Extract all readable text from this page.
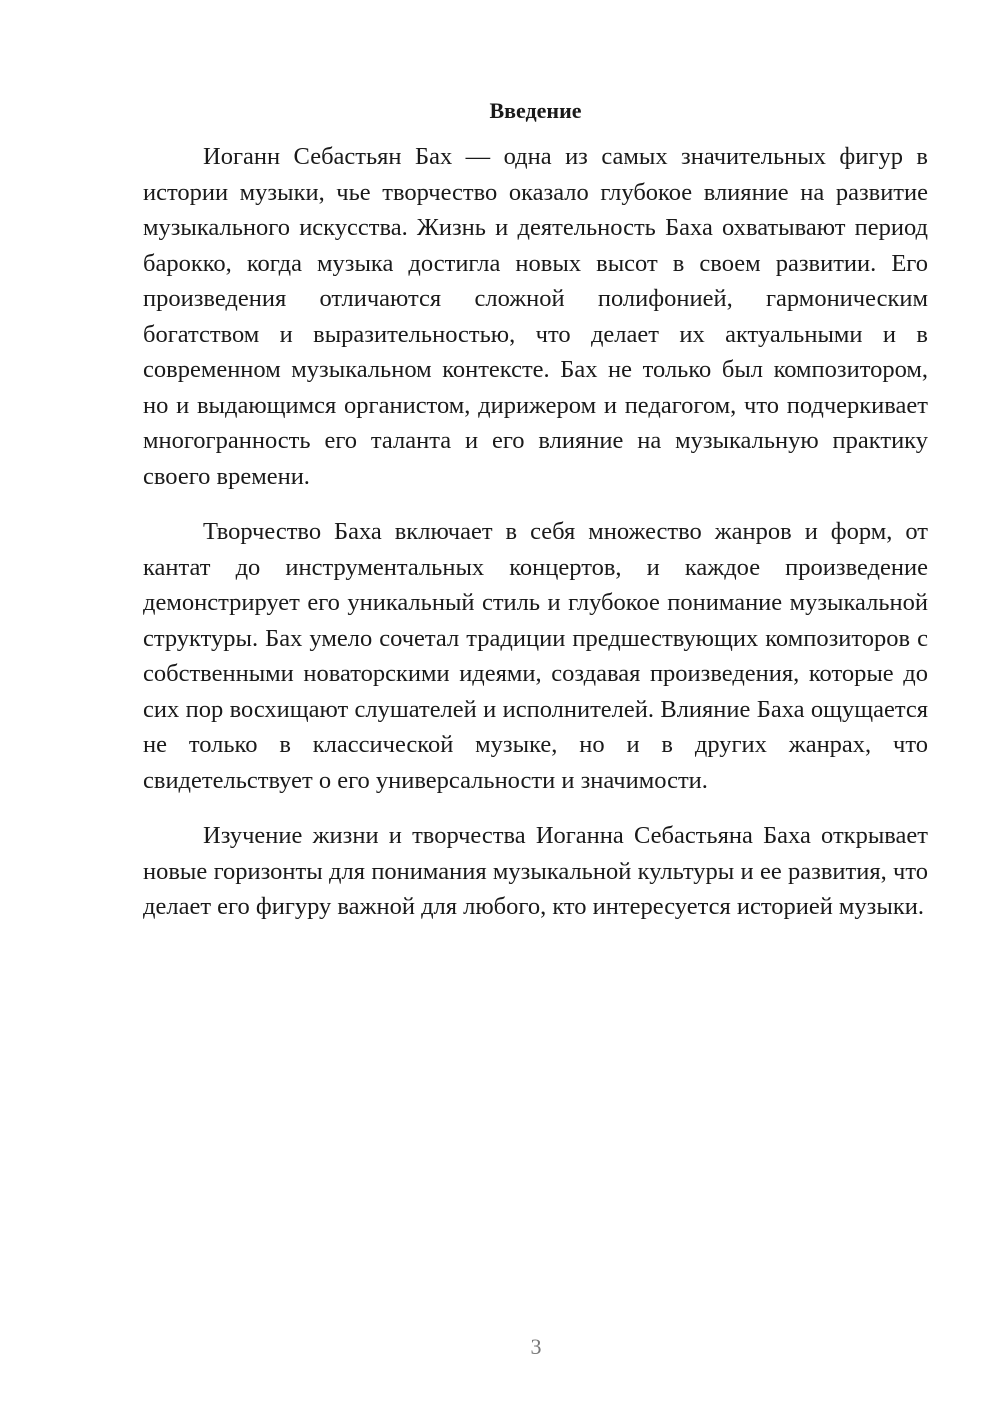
Введение

Иоганн Себастьян Бах — одна из самых значительных фигур в истории музыки, чье творчество оказало глубокое влияние на развитие музыкального искусства. Жизнь и деятельность Баха охватывают период барокко, когда музыка достигла новых высот в своем развитии. Его произведения отличаются сложной полифонией, гармоническим богатством и выразительностью, что делает их актуальными и в современном музыкальном контексте. Бах не только был композитором, но и выдающимся органистом, дирижером и педагогом, что подчеркивает многогранность его таланта и его влияние на музыкальную практику своего времени.

Творчество Баха включает в себя множество жанров и форм, от кантат до инструментальных концертов, и каждое произведение демонстрирует его уникальный стиль и глубокое понимание музыкальной структуры. Бах умело сочетал традиции предшествующих композиторов с собственными новаторскими идеями, создавая произведения, которые до сих пор восхищают слушателей и исполнителей. Влияние Баха ощущается не только в классической музыке, но и в других жанрах, что свидетельствует о его универсальности и значимости.

Изучение жизни и творчества Иоганна Себастьяна Баха открывает новые горизонты для понимания музыкальной культуры и ее развития, что делает его фигуру важной для любого, кто интересуется историей музыки.

3
